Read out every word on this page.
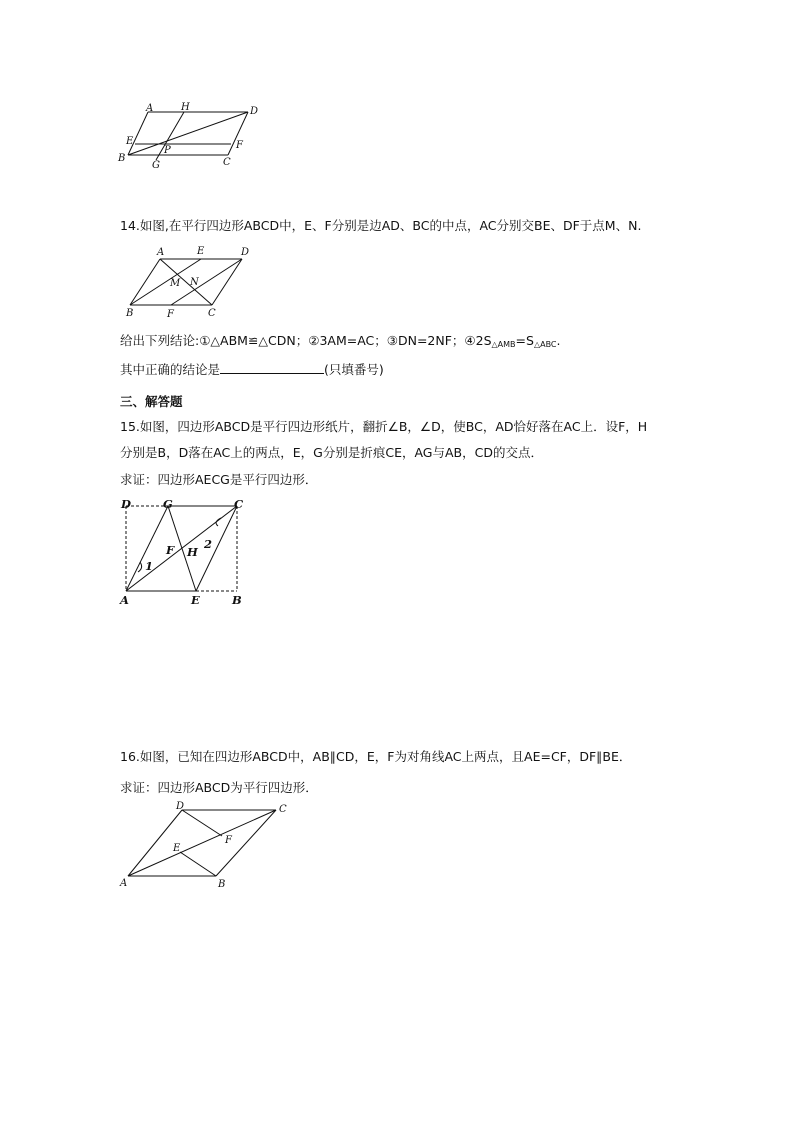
A	H	D
E	F
P
B
G	C
14.如图,在平行四边形ABCD中，E、F分别是边AD、BC的中点，AC分别交BE、DF于点M、N.
A	E	D
M N
B	F	C
给出下列结论:①△ABM≌△CDN；②3AM=AC；③DN=2NF；$④2S_{\triangle AMB}=S_{\triangle ABC}$.
其中正确的结论是	(只填番号)
三、解答题
15.如图，四边形ABCD是平行四边形纸片，翻折∠B，∠D，使BC，AD恰好落在AC上．设F，H
分别是B，D落在AC上的两点，E，G分别是折痕CE，AG与AB，CD的交点．
求证：四边形AECG是平行四边形．
D	G	C
F H
1
2
A	E	B
16.如图，已知在四边形ABCD中，AB∥CD，E，F为对角线AC上两点，且AE=CF，DF∥BE．
求证：四边形ABCD为平行四边形．
D	C
F
E
A	B
